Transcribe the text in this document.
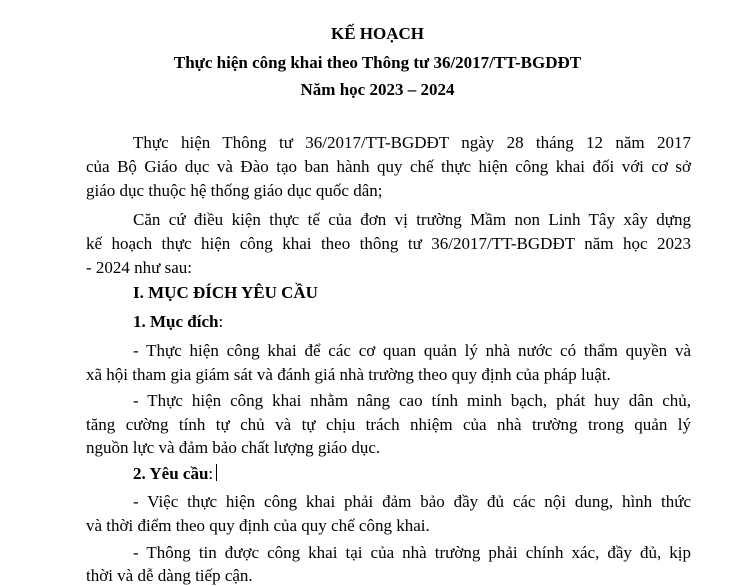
KẾ HOẠCH
Thực hiện công khai theo Thông tư 36/2017/TT-BGDĐT
Năm học 2023 – 2024
Thực hiện Thông tư 36/2017/TT-BGDĐT ngày 28 tháng 12 năm 2017
của Bộ Giáo dục và Đào tạo ban hành quy chế thực hiện công khai đối với cơ sở
giáo dục thuộc hệ thống giáo dục quốc dân;
Căn cứ điều kiện thực tế của đơn vị trường Mầm non Linh Tây xây dựng
kế hoạch thực hiện công khai theo thông tư 36/2017/TT-BGDĐT năm học 2023
- 2024 như sau:
I. MỤC ĐÍCH YÊU CẦU
1. Mục đích:
- Thực hiện công khai để các cơ quan quản lý nhà nước có thẩm quyền và
xã hội tham gia giám sát và đánh giá nhà trường theo quy định của pháp luật.
- Thực hiện công khai nhằm nâng cao tính minh bạch, phát huy dân chủ,
tăng cường tính tự chủ và tự chịu trách nhiệm của nhà trường trong quản lý
nguồn lực và đảm bảo chất lượng giáo dục.
2. Yêu cầu:
- Việc thực hiện công khai phải đảm bảo đầy đủ các nội dung, hình thức
và thời điểm theo quy định của quy chế công khai.
- Thông tin được công khai tại của nhà trường phải chính xác, đầy đủ, kịp
thời và dễ dàng tiếp cận.
